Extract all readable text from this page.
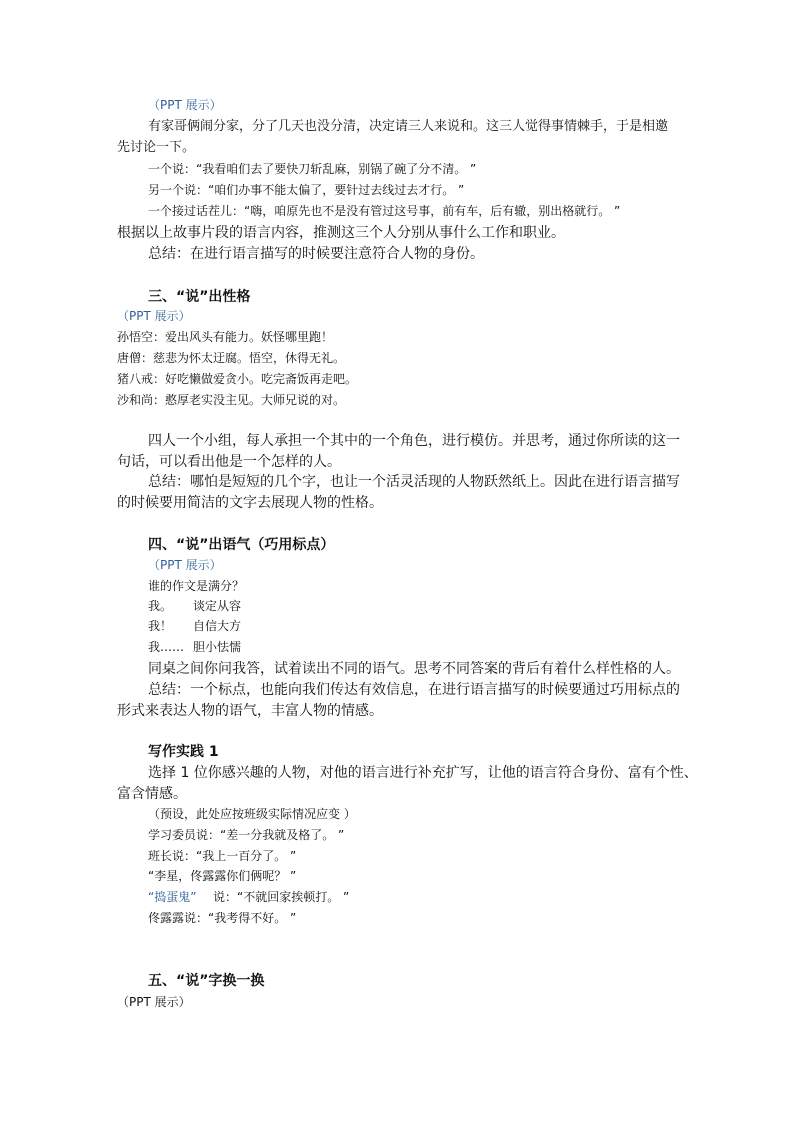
（PPT 展示）
有家哥俩闹分家，分了几天也没分清，决定请三人来说和。这三人觉得事情棘手，于是相邀
先讨论一下。
一个说：“我看咱们去了要快刀斩乱麻，别锅了碗了分不清。 ”
另一个说：“咱们办事不能太偏了，要针过去线过去才行。 ”
一个接过话茬儿：“嗨，咱原先也不是没有管过这号事，前有车，后有辙，别出格就行。 ”
根据以上故事片段的语言内容，推测这三个人分别从事什么工作和职业。
总结：在进行语言描写的时候要注意符合人物的身份。
三、“说”出性格
（PPT 展示）
孙悟空：爱出风头有能力。妖怪哪里跑！
唐僧：慈悲为怀太迂腐。悟空，休得无礼。
猪八戒：好吃懒做爱贪小。吃完斋饭再走吧。
沙和尚：憨厚老实没主见。大师兄说的对。
四人一个小组，每人承担一个其中的一个角色，进行模仿。并思考，通过你所读的这一
句话，可以看出他是一个怎样的人。
总结：哪怕是短短的几个字，也让一个活灵活现的人物跃然纸上。因此在进行语言描写
的时候要用简洁的文字去展现人物的性格。
四、“说”出语气（巧用标点）
（PPT 展示）
谁的作文是满分？
我。 谈定从容
我！ 自信大方
我…… 胆小怯懦
同桌之间你问我答，试着读出不同的语气。思考不同答案的背后有着什么样性格的人。
总结：一个标点，也能向我们传达有效信息，在进行语言描写的时候要通过巧用标点的
形式来表达人物的语气，丰富人物的情感。
写作实践 1
选择 1 位你感兴趣的人物，对他的语言进行补充扩写，让他的语言符合身份、富有个性、
富含情感。
（预设，此处应按班级实际情况应变 ）
学习委员说：“差一分我就及格了。 ”
班长说：“我上一百分了。 ”
“李星，佟露露你们俩呢？ ”
“捣蛋鬼” 说：“不就回家挨顿打。 ”
佟露露说：“我考得不好。 ”
五、“说”字换一换
（PPT 展示）
